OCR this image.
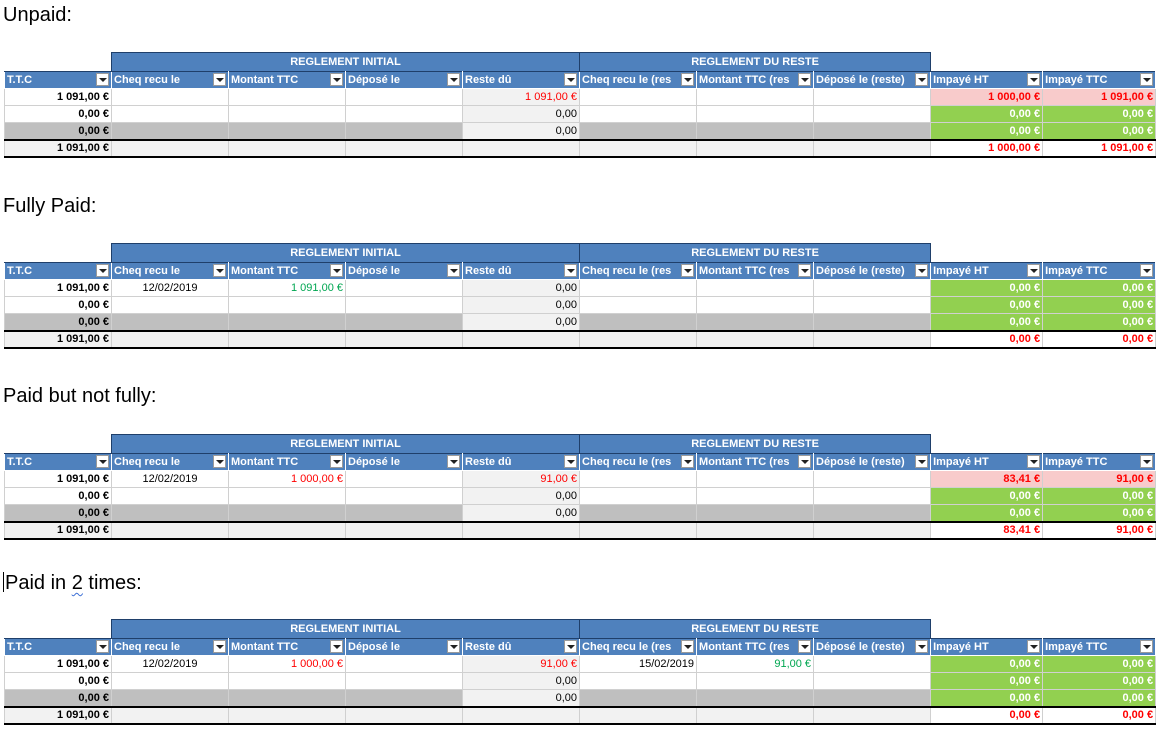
Unpaid:
	REGLEMENT INITIAL				REGLEMENT DU RESTE				
T.T.C	Cheq recu le	Montant TTC	Déposé le	Reste dû	Cheq recu le (res	Montant TTC (res	Déposé le (reste)	Impayé HT	Impayé TTC

1 091,00 €				1 091,00 €				1 000,00 €	1 091,00 €
0,00 €				0,00				0,00 €	0,00 €
0,00 €				0,00				0,00 €	0,00 €
1 091,00 €								1 000,00 €	1 091,00 €
Fully Paid:
	REGLEMENT INITIAL				REGLEMENT DU RESTE				
T.T.C	Cheq recu le	Montant TTC	Déposé le	Reste dû	Cheq recu le (res	Montant TTC (res	Déposé le (reste)	Impayé HT	Impayé TTC

1 091,00 €	12/02/2019	1 091,00 €		0,00				0,00 €	0,00 €
0,00 €				0,00				0,00 €	0,00 €
0,00 €				0,00				0,00 €	0,00 €
1 091,00 €								0,00 €	0,00 €
Paid but not fully:
	REGLEMENT INITIAL				REGLEMENT DU RESTE				
T.T.C	Cheq recu le	Montant TTC	Déposé le	Reste dû	Cheq recu le (res	Montant TTC (res	Déposé le (reste)	Impayé HT	Impayé TTC

1 091,00 €	12/02/2019	1 000,00 €		91,00 €				83,41 €	91,00 €
0,00 €				0,00				0,00 €	0,00 €
0,00 €				0,00				0,00 €	0,00 €
1 091,00 €								83,41 €	91,00 €
Paid in 2 times:
	REGLEMENT INITIAL				REGLEMENT DU RESTE				
T.T.C	Cheq recu le	Montant TTC	Déposé le	Reste dû	Cheq recu le (res	Montant TTC (res	Déposé le (reste)	Impayé HT	Impayé TTC

1 091,00 €	12/02/2019	1 000,00 €		91,00 €	15/02/2019	91,00 €		0,00 €	0,00 €
0,00 €				0,00				0,00 €	0,00 €
0,00 €				0,00				0,00 €	0,00 €
1 091,00 €								0,00 €	0,00 €
